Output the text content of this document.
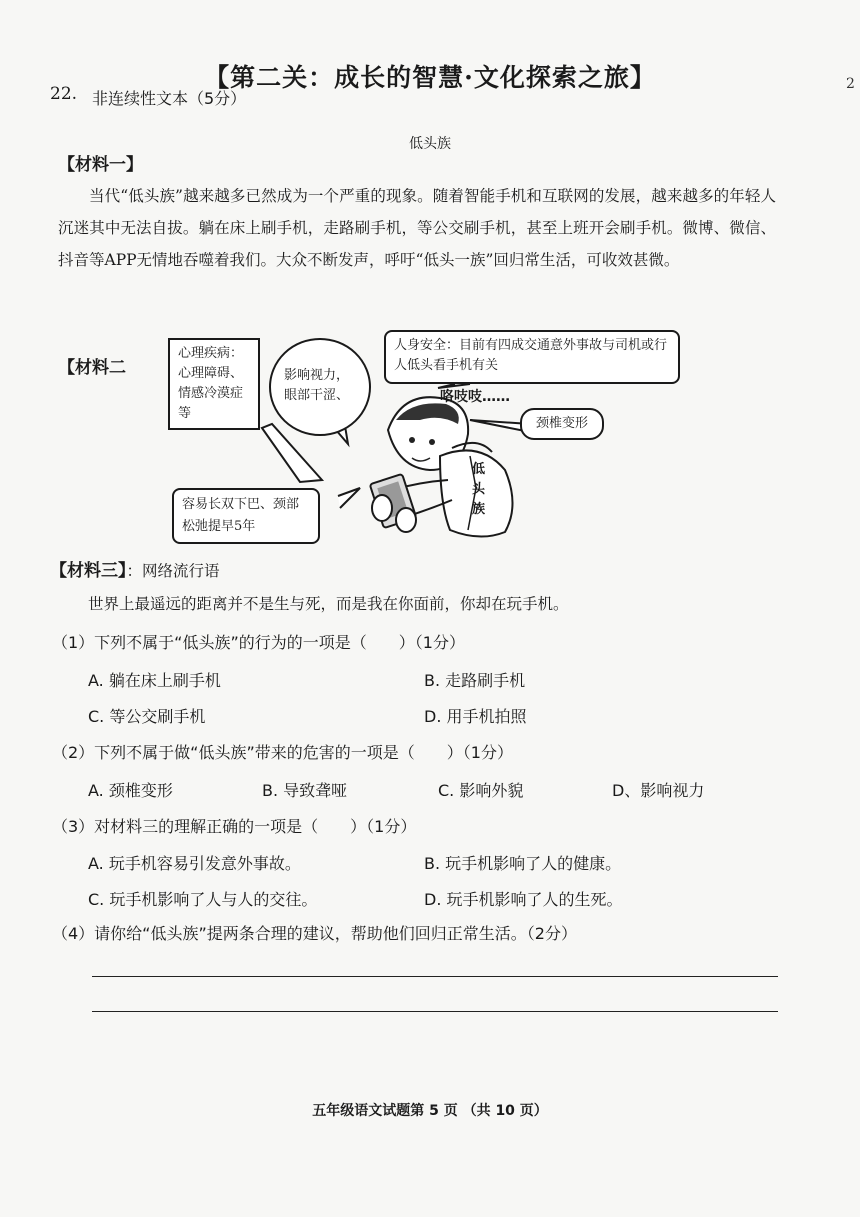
【第二关：成长的智慧·文化探索之旅】
22. 非连续性文本（5分）
低头族
2
【材料一】
当代“低头族”越来越多已然成为一个严重的现象。随着智能手机和互联网的发展，越来越多的年轻人沉迷其中无法自拔。躺在床上刷手机，走路刷手机，等公交刷手机，甚至上班开会刷手机。微博、微信、抖音等APP无情地吞噬着我们。大众不断发声，呼吁“低头一族”回归常生活，可收效甚微。
【材料二
心理疾病：
心理障碍、情感冷漠症等
影响视力，眼部干涩、
人身安全：目前有四成交通意外事故与司机或行人低头看手机有关
咯吱吱……
颈椎变形
容易长双下巴、颈部松弛提早5年
低头族
【材料三】：网络流行语
世界上最遥远的距离并不是生与死，而是我在你面前，你却在玩手机。
（1）下列不属于“低头族”的行为的一项是（　　）（1分）
A. 躺在床上刷手机	B. 走路刷手机
C. 等公交刷手机	D. 用手机拍照
（2）下列不属于做“低头族”带来的危害的一项是（　　）（1分）
A. 颈椎变形	B. 导致聋哑	C. 影响外貌	D、影响视力
（3）对材料三的理解正确的一项是（　　）（1分）
A. 玩手机容易引发意外事故。	B. 玩手机影响了人的健康。
C. 玩手机影响了人与人的交往。	D. 玩手机影响了人的生死。
（4）请你给“低头族”提两条合理的建议，帮助他们回归正常生活。（2分）
五年级语文试题第 5 页 （共 10 页）
